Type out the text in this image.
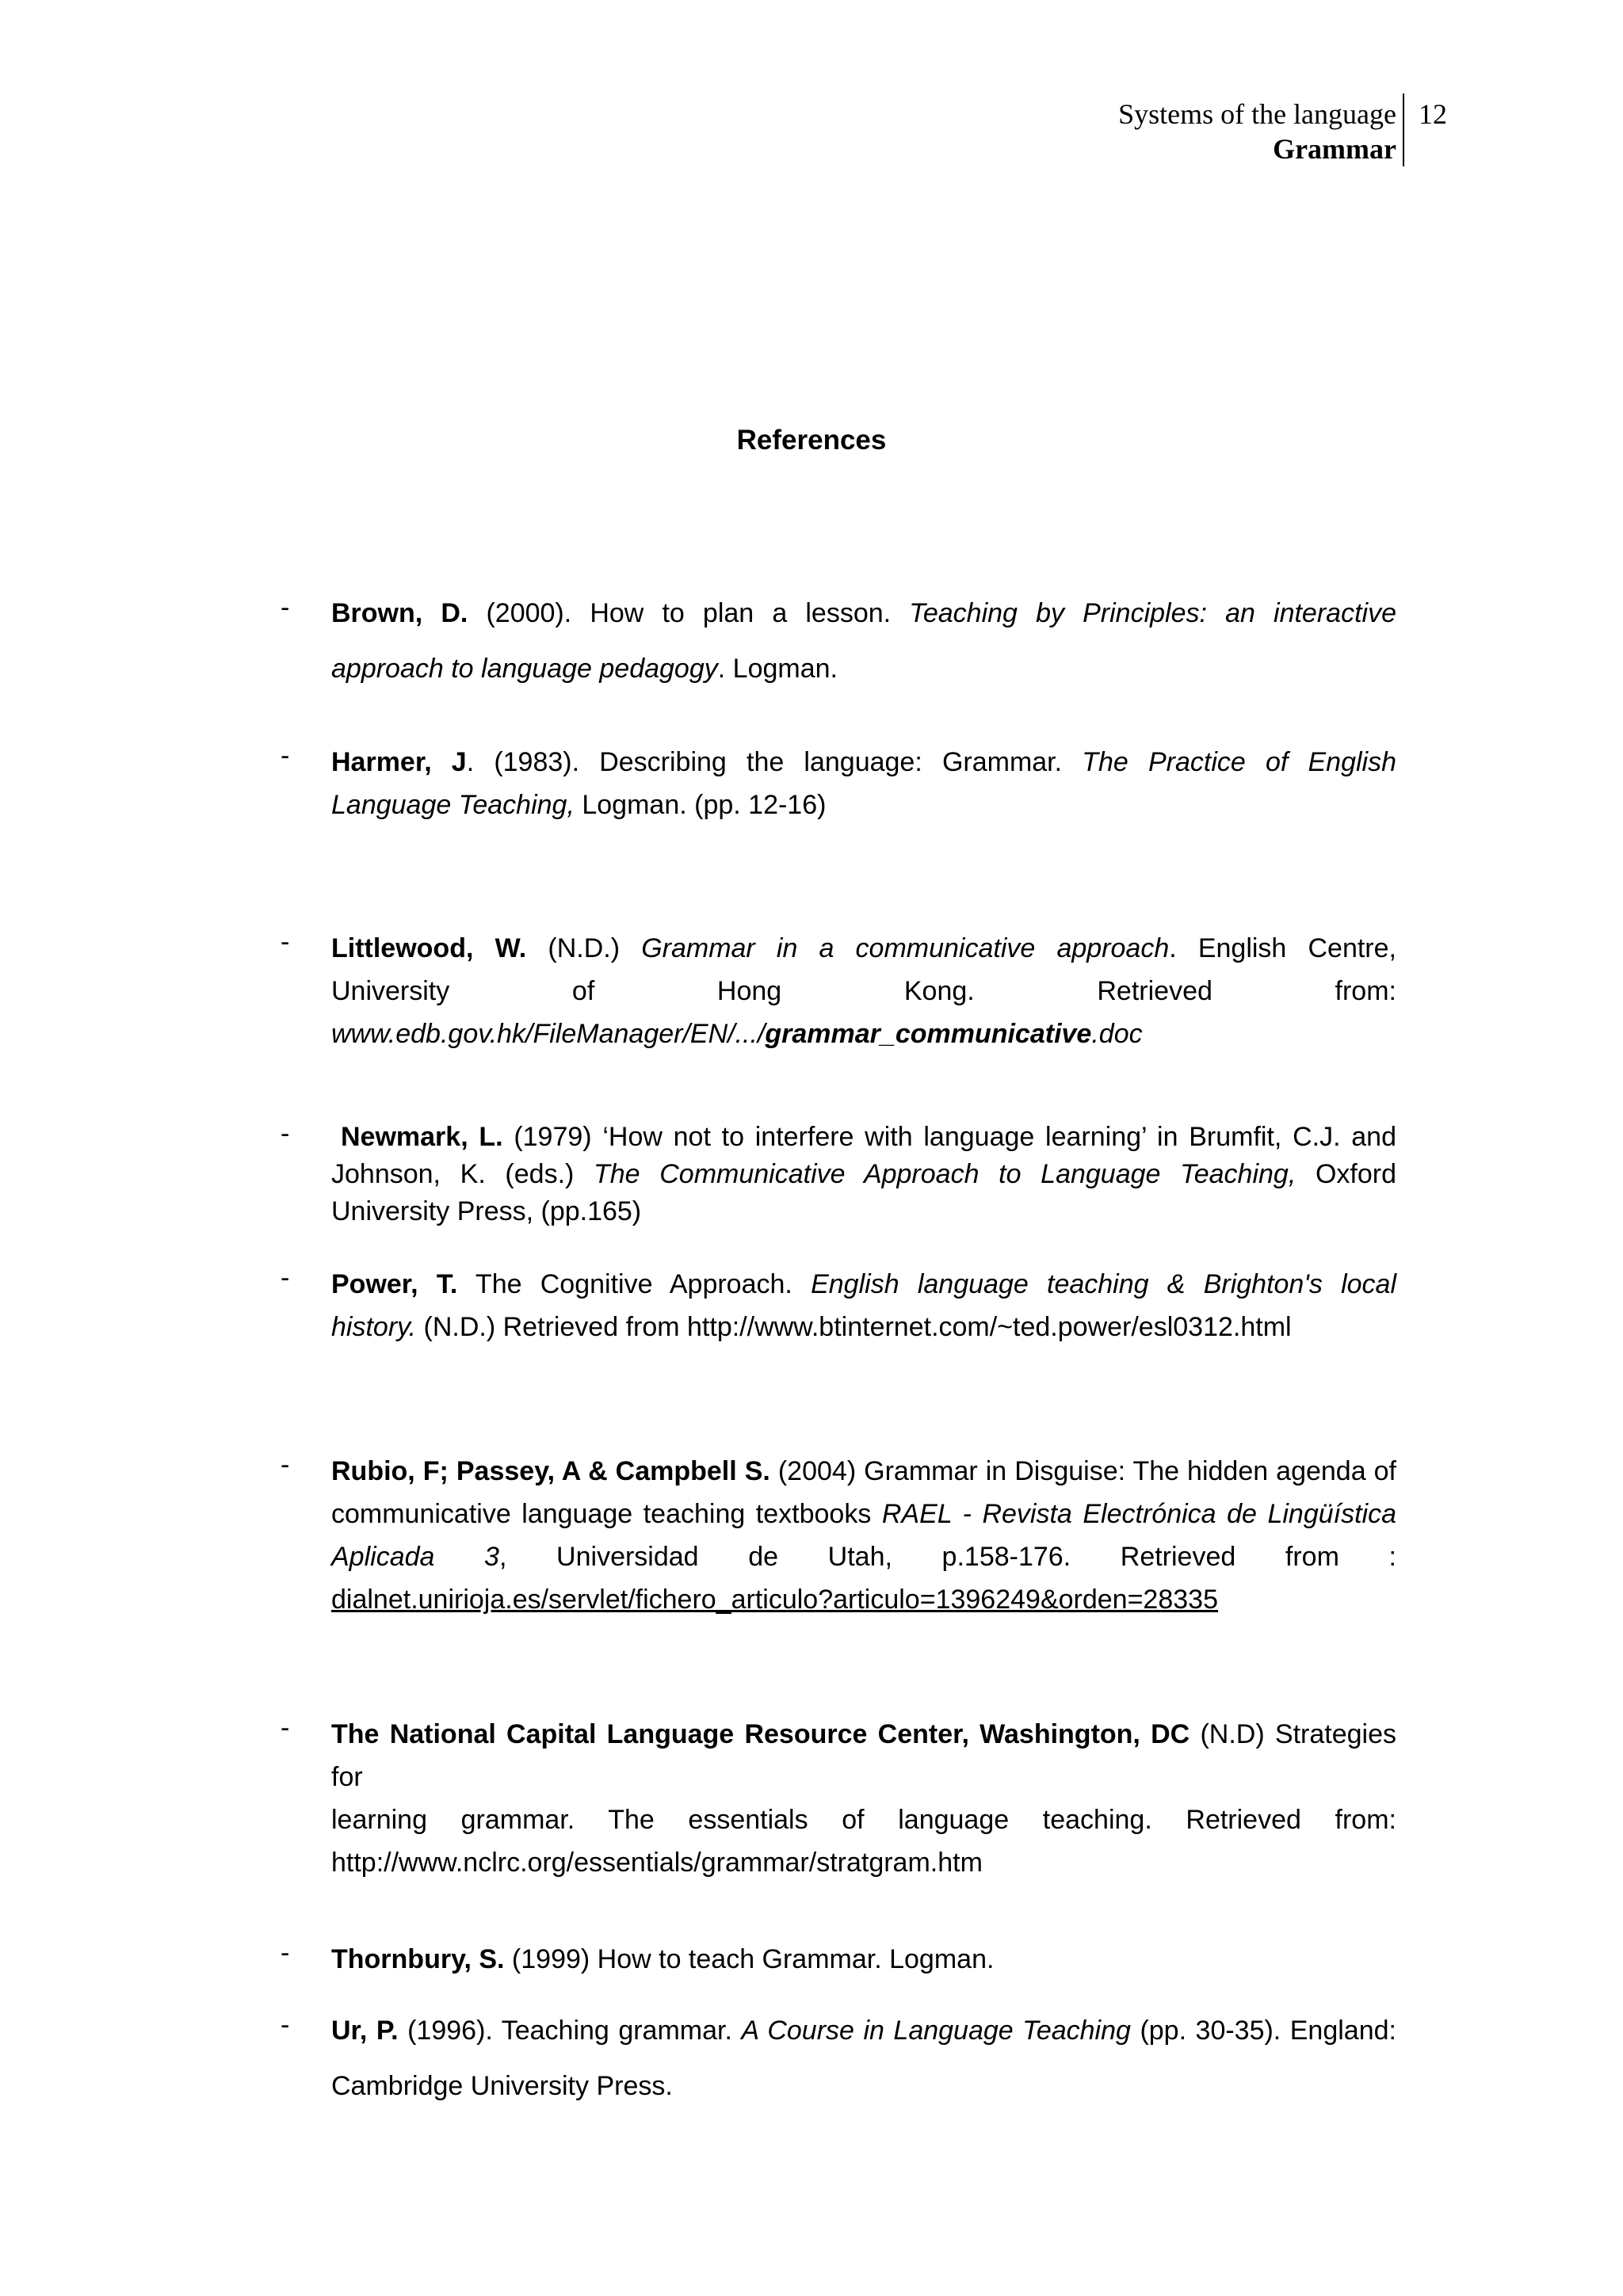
Systems of the language
Grammar
12
References
- Brown, D. (2000). How to plan a lesson. Teaching by Principles: an interactive
approach to language pedagogy. Logman.
- Harmer, J. (1983). Describing the language: Grammar. The Practice of English
Language Teaching, Logman. (pp. 12-16)
- Littlewood, W. (N.D.) Grammar in a communicative approach. English Centre,
University of Hong Kong. Retrieved from:
www.edb.gov.hk/FileManager/EN/.../grammar_communicative.doc
-	Newmark, L. (1979) ‘How not to interfere with language learning’ in Brumfit, C.J. and
Johnson, K. (eds.) The Communicative Approach to Language Teaching, Oxford
University Press, (pp.165)
- Power, T. The Cognitive Approach. English language teaching & Brighton's local
history. (N.D.) Retrieved from http://www.btinternet.com/~ted.power/esl0312.html
- Rubio, F; Passey, A & Campbell S. (2004) Grammar in Disguise: The hidden agenda of
communicative language teaching textbooks RAEL - Revista Electrónica de Lingüística
Aplicada 3, Universidad de Utah, p.158-176. Retrieved from :
dialnet.unirioja.es/servlet/fichero_articulo?articulo=1396249&orden=28335
- The National Capital Language Resource Center, Washington, DC (N.D) Strategies for
learning grammar. The essentials of language teaching. Retrieved from:
http://www.nclrc.org/essentials/grammar/stratgram.htm
- Thornbury, S. (1999) How to teach Grammar. Logman.
- Ur, P. (1996). Teaching grammar. A Course in Language Teaching (pp. 30-35). England:
Cambridge University Press.
